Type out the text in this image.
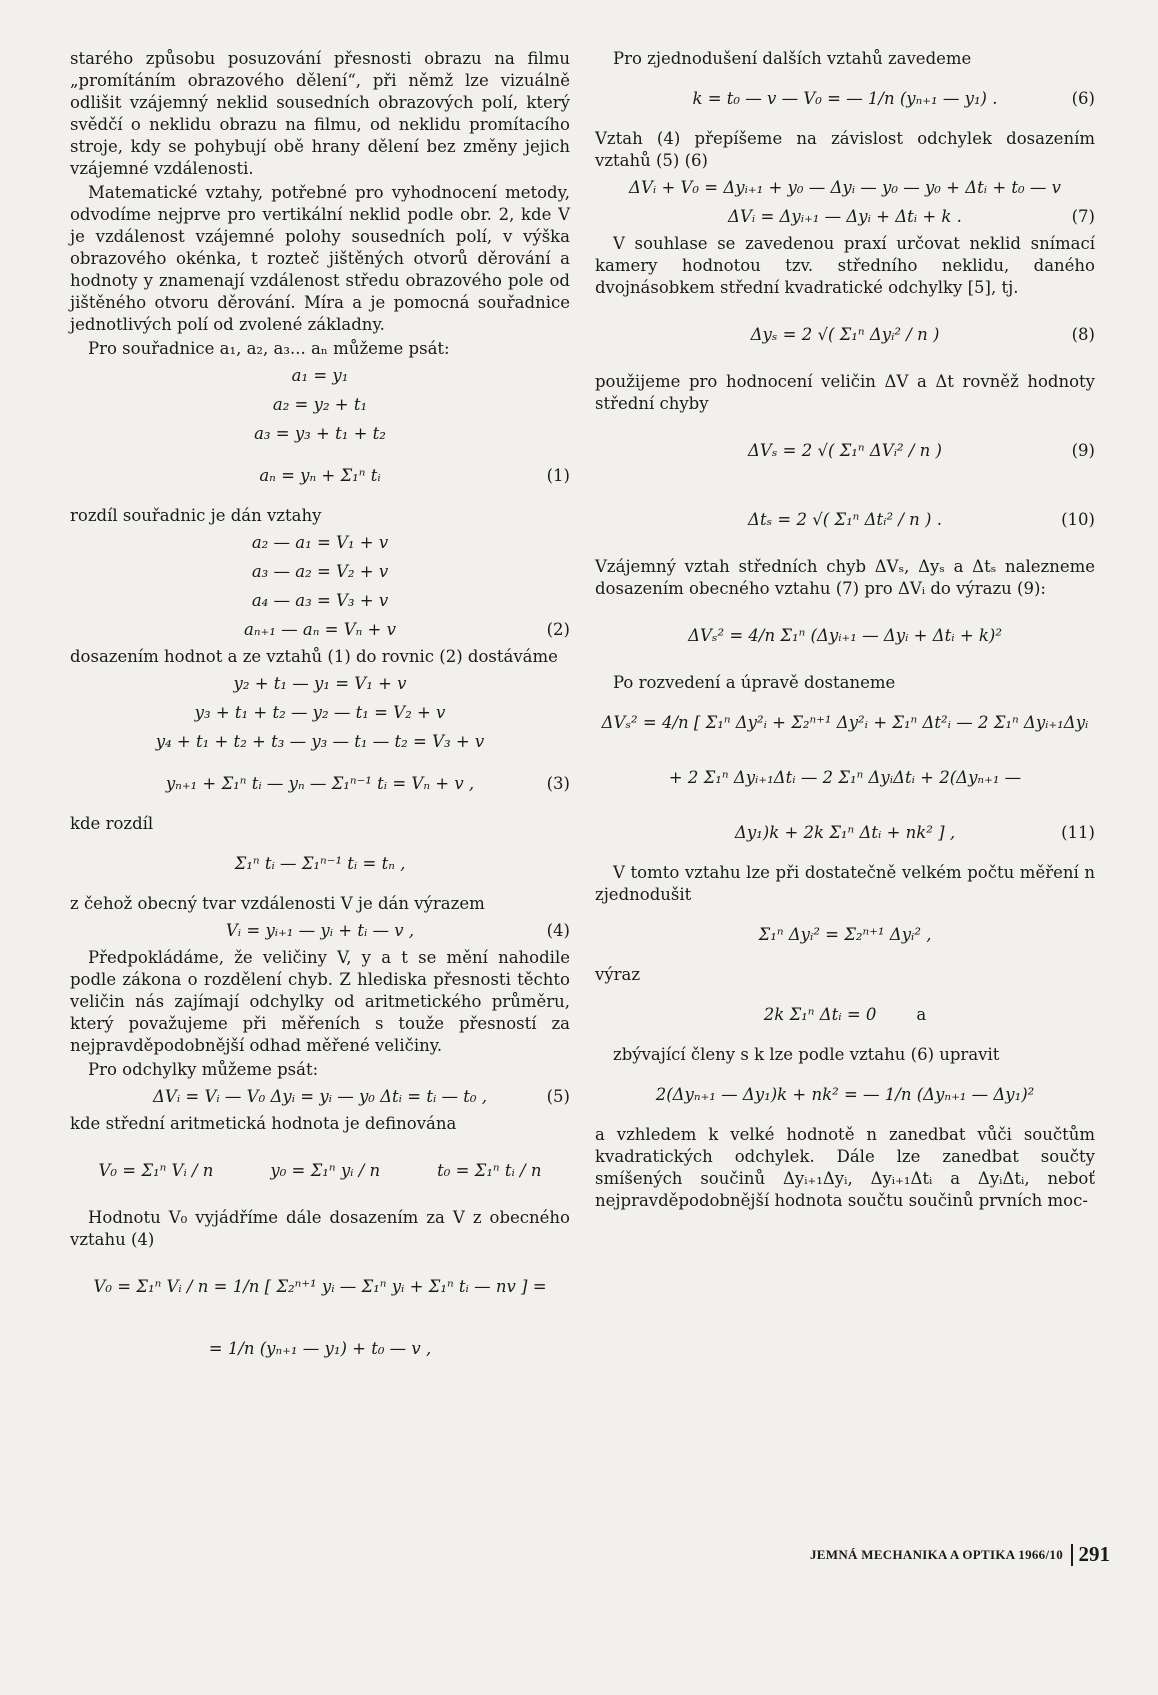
starého způsobu posuzování přesnosti obrazu na filmu „promítáním obrazového dělení“, při němž lze vizuálně odlišit vzájemný neklid sousedních obrazových polí, který svědčí o neklidu obrazu na filmu, od neklidu promítacího stroje, kdy se pohybují obě hrany dělení bez změny jejich vzájemné vzdálenosti.

Matematické vztahy, potřebné pro vyhodnocení metody, odvodíme nejprve pro vertikální neklid podle obr. 2, kde V je vzdálenost vzájemné polohy sousedních polí, v výška obrazového okénka, t rozteč jištěných otvorů děrování a hodnoty y znamenají vzdálenost středu obrazového pole od jištěného otvoru děrování. Míra a je pomocná souřadnice jednotlivých polí od zvolené základny.

Pro souřadnice a₁, a₂, a₃... aₙ můžeme psát:

a₁ = y₁
a₂ = y₂ + t₁
a₃ = y₃ + t₁ + t₂
aₙ = yₙ + Σ₁ⁿ tᵢ	(1)

rozdíl souřadnic je dán vztahy

a₂ — a₁ = V₁ + v
a₃ — a₂ = V₂ + v
a₄ — a₃ = V₃ + v
aₙ₊₁ — aₙ = Vₙ + v	(2)

dosazením hodnot a ze vztahů (1) do rovnic (2) dostáváme

y₂ + t₁ — y₁ = V₁ + v
y₃ + t₁ + t₂ — y₂ — t₁ = V₂ + v
y₄ + t₁ + t₂ + t₃ — y₃ — t₁ — t₂ = V₃ + v
yₙ₊₁ + Σ₁ⁿ tᵢ — yₙ — Σ₁ⁿ⁻¹ tᵢ = Vₙ + v ,	(3)

kde rozdíl

Σ₁ⁿ tᵢ — Σ₁ⁿ⁻¹ tᵢ = tₙ ,

z čehož obecný tvar vzdálenosti V je dán výrazem

Vᵢ = yᵢ₊₁ — yᵢ + tᵢ — v ,	(4)

Předpokládáme, že veličiny V, y a t se mění nahodile podle zákona o rozdělení chyb. Z hlediska přesnosti těchto veličin nás zajímají odchylky od aritmetického průměru, který považujeme při měřeních s touže přesností za nejpravděpodobnější odhad měřené veličiny.

Pro odchylky můžeme psát:

ΔVᵢ = Vᵢ — V₀ Δyᵢ = yᵢ — y₀ Δtᵢ = tᵢ — t₀ ,	(5)

kde střední aritmetická hodnota je definována

V₀ = Σ₁ⁿ Vᵢ / n	y₀ = Σ₁ⁿ yᵢ / n	t₀ = Σ₁ⁿ tᵢ / n

Hodnotu V₀ vyjádříme dále dosazením za V z obecného vztahu (4)

V₀ = Σ₁ⁿ Vᵢ / n = 1/n [ Σ₂ⁿ⁺¹ yᵢ — Σ₁ⁿ yᵢ + Σ₁ⁿ tᵢ — nv ] =
= 1/n (yₙ₊₁ — y₁) + t₀ — v ,

Pro zjednodušení dalších vztahů zavedeme

k = t₀ — v — V₀ = — 1/n (yₙ₊₁ — y₁) .	(6)

Vztah (4) přepíšeme na závislost odchylek dosazením vztahů (5) (6)

ΔVᵢ + V₀ = Δyᵢ₊₁ + y₀ — Δyᵢ — y₀ — y₀ + Δtᵢ + t₀ — v
ΔVᵢ = Δyᵢ₊₁ — Δyᵢ + Δtᵢ + k .	(7)

V souhlase se zavedenou praxí určovat neklid snímací kamery hodnotou tzv. středního neklidu, daného dvojnásobkem střední kvadratické odchylky [5], tj.

Δyₛ = 2 √( Σ₁ⁿ Δyᵢ² / n )	(8)

použijeme pro hodnocení veličin ΔV a Δt rovněž hodnoty střední chyby

ΔVₛ = 2 √( Σ₁ⁿ ΔVᵢ² / n )	(9)
Δtₛ = 2 √( Σ₁ⁿ Δtᵢ² / n ) .	(10)

Vzájemný vztah středních chyb ΔVₛ, Δyₛ a Δtₛ nalezneme dosazením obecného vztahu (7) pro ΔVᵢ do výrazu (9):

ΔVₛ² = 4/n Σ₁ⁿ (Δyᵢ₊₁ — Δyᵢ + Δtᵢ + k)²

Po rozvedení a úpravě dostaneme

ΔVₛ² = 4/n [ Σ₁ⁿ Δy²ᵢ + Σ₂ⁿ⁺¹ Δy²ᵢ + Σ₁ⁿ Δt²ᵢ — 2 Σ₁ⁿ Δyᵢ₊₁Δyᵢ
+ 2 Σ₁ⁿ Δyᵢ₊₁Δtᵢ — 2 Σ₁ⁿ ΔyᵢΔtᵢ + 2(Δyₙ₊₁ —
Δy₁)k + 2k Σ₁ⁿ Δtᵢ + nk² ] ,	(11)

V tomto vztahu lze při dostatečně velkém počtu měření n zjednodušit

Σ₁ⁿ Δyᵢ² = Σ₂ⁿ⁺¹ Δyᵢ² ,

výraz

2k Σ₁ⁿ Δtᵢ = 0 a

zbývající členy s k lze podle vztahu (6) upravit

2(Δyₙ₊₁ — Δy₁)k + nk² = — 1/n (Δyₙ₊₁ — Δy₁)²

a vzhledem k velké hodnotě n zanedbat vůči součtům kvadratických odchylek. Dále lze zanedbat součty smíšených součinů Δyᵢ₊₁Δyᵢ, Δyᵢ₊₁Δtᵢ a ΔyᵢΔtᵢ, neboť nejpravděpodobnější hodnota součtu součinů prvních moc-

JEMNÁ MECHANIKA A OPTIKA 1966/10 291
